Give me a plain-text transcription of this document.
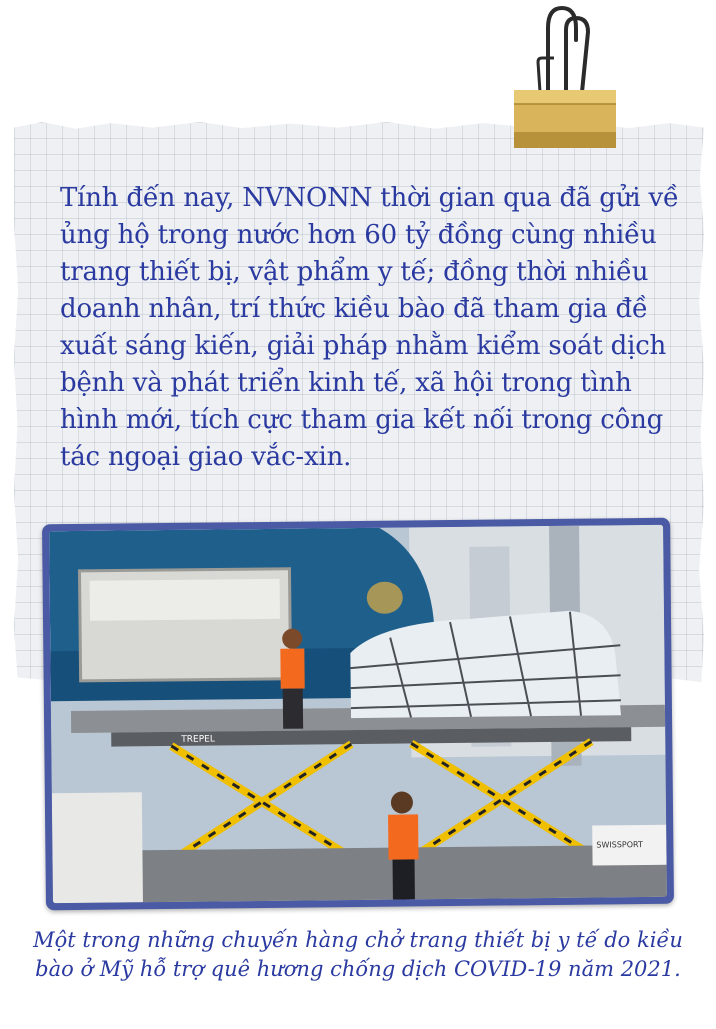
Tính đến nay, NVNONN thời gian qua đã gửi về ủng hộ trong nước hơn 60 tỷ đồng cùng nhiều trang thiết bị, vật phẩm y tế; đồng thời nhiều doanh nhân, trí thức kiều bào đã tham gia đề xuất sáng kiến, giải pháp nhằm kiểm soát dịch bệnh và phát triển kinh tế, xã hội trong tình hình mới, tích cực tham gia kết nối trong công tác ngoại giao vắc-xin.

TREPEL
SWISSPORT

Một trong những chuyến hàng chở trang thiết bị y tế do kiều bào ở Mỹ hỗ trợ quê hương chống dịch COVID-19 năm 2021.
